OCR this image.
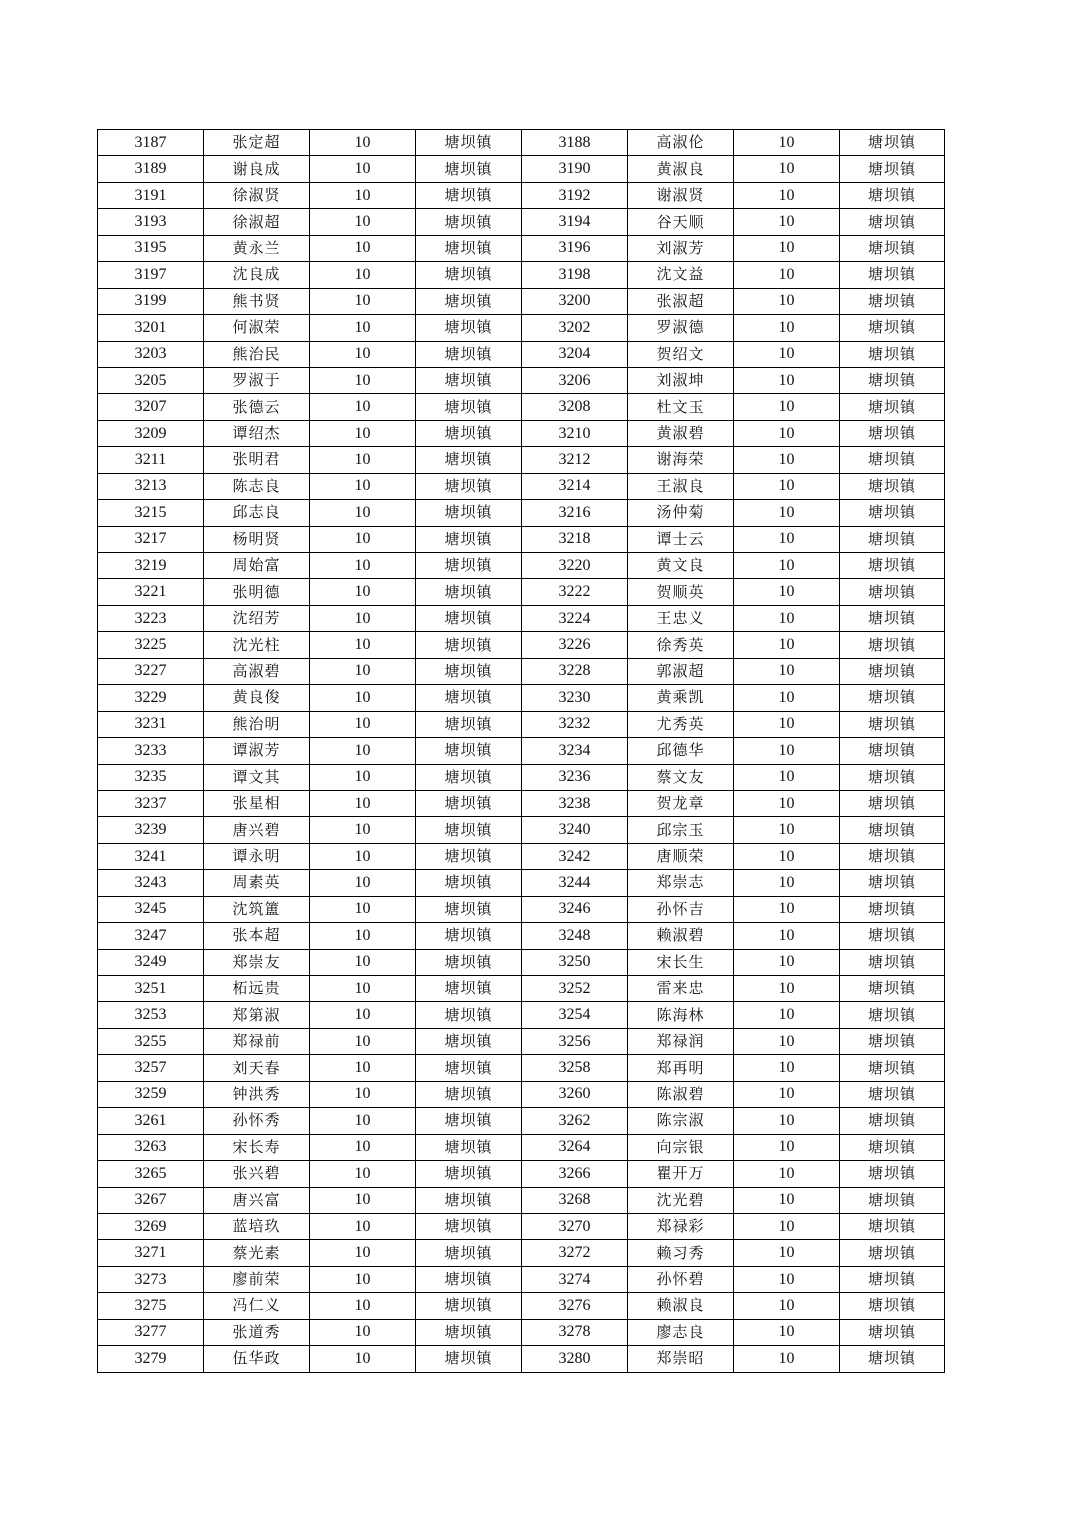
3187	张定超	10	塘坝镇	3188	高淑伦	10	塘坝镇
3189	谢良成	10	塘坝镇	3190	黄淑良	10	塘坝镇
3191	徐淑贤	10	塘坝镇	3192	谢淑贤	10	塘坝镇
3193	徐淑超	10	塘坝镇	3194	谷天顺	10	塘坝镇
3195	黄永兰	10	塘坝镇	3196	刘淑芳	10	塘坝镇
3197	沈良成	10	塘坝镇	3198	沈文益	10	塘坝镇
3199	熊书贤	10	塘坝镇	3200	张淑超	10	塘坝镇
3201	何淑荣	10	塘坝镇	3202	罗淑德	10	塘坝镇
3203	熊治民	10	塘坝镇	3204	贺绍文	10	塘坝镇
3205	罗淑于	10	塘坝镇	3206	刘淑坤	10	塘坝镇
3207	张德云	10	塘坝镇	3208	杜文玉	10	塘坝镇
3209	谭绍杰	10	塘坝镇	3210	黄淑碧	10	塘坝镇
3211	张明君	10	塘坝镇	3212	谢海荣	10	塘坝镇
3213	陈志良	10	塘坝镇	3214	王淑良	10	塘坝镇
3215	邱志良	10	塘坝镇	3216	汤仲菊	10	塘坝镇
3217	杨明贤	10	塘坝镇	3218	谭士云	10	塘坝镇
3219	周始富	10	塘坝镇	3220	黄文良	10	塘坝镇
3221	张明德	10	塘坝镇	3222	贺顺英	10	塘坝镇
3223	沈绍芳	10	塘坝镇	3224	王忠义	10	塘坝镇
3225	沈光柱	10	塘坝镇	3226	徐秀英	10	塘坝镇
3227	高淑碧	10	塘坝镇	3228	郭淑超	10	塘坝镇
3229	黄良俊	10	塘坝镇	3230	黄乘凯	10	塘坝镇
3231	熊治明	10	塘坝镇	3232	尤秀英	10	塘坝镇
3233	谭淑芳	10	塘坝镇	3234	邱德华	10	塘坝镇
3235	谭文其	10	塘坝镇	3236	蔡文友	10	塘坝镇
3237	张星相	10	塘坝镇	3238	贺龙章	10	塘坝镇
3239	唐兴碧	10	塘坝镇	3240	邱宗玉	10	塘坝镇
3241	谭永明	10	塘坝镇	3242	唐顺荣	10	塘坝镇
3243	周素英	10	塘坝镇	3244	郑崇志	10	塘坝镇
3245	沈筑簠	10	塘坝镇	3246	孙怀吉	10	塘坝镇
3247	张本超	10	塘坝镇	3248	赖淑碧	10	塘坝镇
3249	郑崇友	10	塘坝镇	3250	宋长生	10	塘坝镇
3251	柘远贵	10	塘坝镇	3252	雷来忠	10	塘坝镇
3253	郑第淑	10	塘坝镇	3254	陈海林	10	塘坝镇
3255	郑禄前	10	塘坝镇	3256	郑禄润	10	塘坝镇
3257	刘天春	10	塘坝镇	3258	郑再明	10	塘坝镇
3259	钟洪秀	10	塘坝镇	3260	陈淑碧	10	塘坝镇
3261	孙怀秀	10	塘坝镇	3262	陈宗淑	10	塘坝镇
3263	宋长寿	10	塘坝镇	3264	向宗银	10	塘坝镇
3265	张兴碧	10	塘坝镇	3266	瞿开万	10	塘坝镇
3267	唐兴富	10	塘坝镇	3268	沈光碧	10	塘坝镇
3269	蓝培玖	10	塘坝镇	3270	郑禄彩	10	塘坝镇
3271	蔡光素	10	塘坝镇	3272	赖习秀	10	塘坝镇
3273	廖前荣	10	塘坝镇	3274	孙怀碧	10	塘坝镇
3275	冯仁义	10	塘坝镇	3276	赖淑良	10	塘坝镇
3277	张道秀	10	塘坝镇	3278	廖志良	10	塘坝镇
3279	伍华政	10	塘坝镇	3280	郑崇昭	10	塘坝镇
